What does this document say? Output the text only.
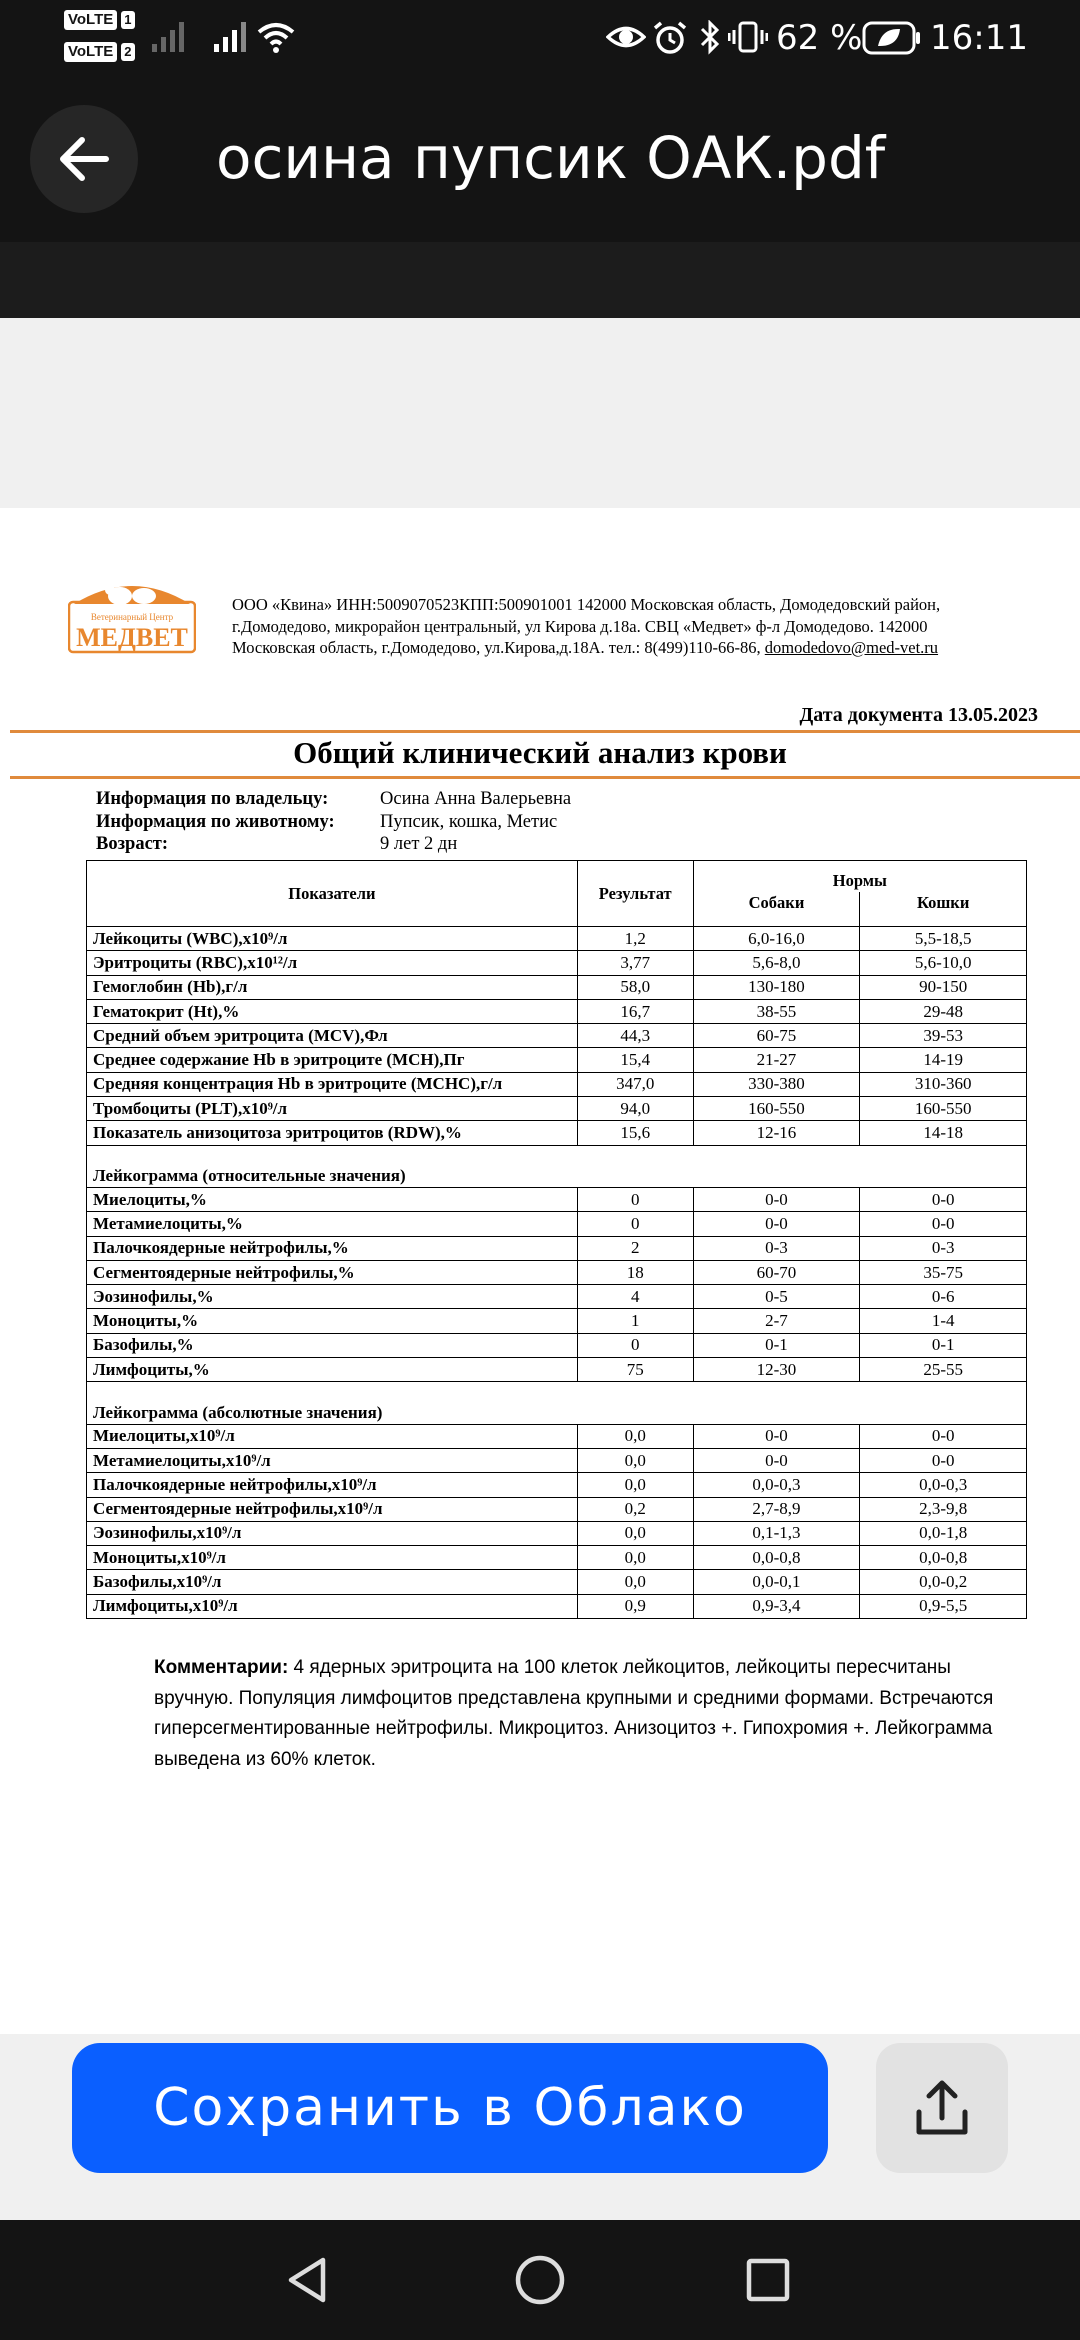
VoLTE 1
VoLTE 2	62 % 16:11
осина пупсик ОАК.pdf
Ветеринарный Центр
МЕДВЕТ

ООО «Квина» ИНН:5009070523КПП:500901001 142000 Московская область, Домодедовский район,

г.Домодедово, микрорайон центральный, ул Кирова д.18а. СВЦ «Медвет» ф-л Домодедово. 142000

Московская область, г.Домодедово, ул.Кирова,д.18А. тел.: 8(499)110-66-86, domodedovo@med-vet.ru

Дата документа 13.05.2023
Общий клинический анализ крови
Информация по владельцу:	Осина Анна Валерьевна
Информация по животному:	Пупсик, кошка, Метис
Возраст:	9 лет 2 дн
Показатели	Результат	Нормы	
		Собаки	Кошки
Лейкоциты (WBC),х10⁹/л	1,2	6,0-16,0	5,5-18,5
Эритроциты (RBC),х10¹²/л	3,77	5,6-8,0	5,6-10,0
Гемоглобин (Hb),г/л	58,0	130-180	90-150
Гематокрит (Ht),%	16,7	38-55	29-48
Средний объем эритроцита (MCV),Фл	44,3	60-75	39-53
Среднее содержание Hb в эритроците (MCH),Пг	15,4	21-27	14-19
Средняя концентрация Hb в эритроците (MCHC),г/л	347,0	330-380	310-360
Тромбоциты (PLT),х10⁹/л	94,0	160-550	160-550
Показатель анизоцитоза эритроцитов (RDW),%	15,6	12-16	14-18

Лейкограмма (относительные значения)			
Миелоциты,%	0	0-0	0-0
Метамиелоциты,%	0	0-0	0-0
Палочкоядерные нейтрофилы,%	2	0-3	0-3
Сегментоядерные нейтрофилы,%	18	60-70	35-75
Эозинофилы,%	4	0-5	0-6
Моноциты,%	1	2-7	1-4
Базофилы,%	0	0-1	0-1
Лимфоциты,%	75	12-30	25-55

Лейкограмма (абсолютные значения)			
Миелоциты,х10⁹/л	0,0	0-0	0-0
Метамиелоциты,х10⁹/л	0,0	0-0	0-0
Палочкоядерные нейтрофилы,х10⁹/л	0,0	0,0-0,3	0,0-0,3
Сегментоядерные нейтрофилы,х10⁹/л	0,2	2,7-8,9	2,3-9,8
Эозинофилы,х10⁹/л	0,0	0,1-1,3	0,0-1,8
Моноциты,х10⁹/л	0,0	0,0-0,8	0,0-0,8
Базофилы,х10⁹/л	0,0	0,0-0,1	0,0-0,2
Лимфоциты,х10⁹/л	0,9	0,9-3,4	0,9-5,5
Комментарии: 4 ядерных эритроцита на 100 клеток лейкоцитов, лейкоциты пересчитаны вручную. Популяция лимфоцитов представлена крупными и средними формами. Встречаются гиперсегментированные нейтрофилы. Микроцитоз. Анизоцитоз +. Гипохромия +. Лейкограмма выведена из 60% клеток.
Сохранить в Облако
